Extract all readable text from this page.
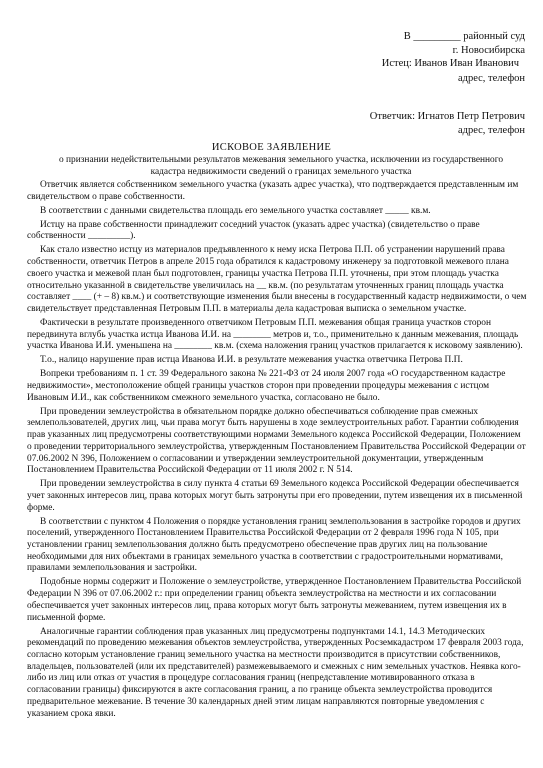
В _________ районный суд
г. Новосибирска
Истец: Иванов Иван Иванович
адрес, телефон
Ответчик: Игнатов Петр Петрович
адрес, телефон
ИСКОВОЕ ЗАЯВЛЕНИЕ
о признании недействительными результатов межевания земельного участка, исключении из государственного кадастра недвижимости сведений о границах земельного участка

Ответчик является собственником земельного участка (указать адрес участка), что подтверждается представленным им свидетельством о праве собственности.

В соответствии с данными свидетельства площадь его земельного участка составляет _____ кв.м.

Истцу на праве собственности принадлежит соседний участок (указать адрес участка) (свидетельство о праве собственности _________).

Как стало известно истцу из материалов предъявленного к нему иска Петрова П.П. об устранении нарушений права собственности, ответчик Петров в апреле 2015 года обратился к кадастровому инженеру за подготовкой межевого плана своего участка и межевой план был подготовлен, границы участка Петрова П.П. уточнены, при этом площадь участка относительно указанной в свидетельстве увеличилась на __ кв.м. (по результатам уточненных границ площадь участка составляет ____ (+ – 8) кв.м.) и соответствующие изменения были внесены в государственный кадастр недвижимости, о чем свидетельствует представленная Петровым П.П. в материалы дела кадастровая выписка о земельном участке.

Фактически в результате произведенного ответчиком Петровым П.П. межевания общая граница участков сторон передвинута вглубь участка истца Иванова И.И. на ________ метров и, т.о., применительно к данным межевания, площадь участка Иванова И.И. уменьшена на ________ кв.м. (схема наложения границ участков прилагается к исковому заявлению).

Т.о., налицо нарушение прав истца Иванова И.И. в результате межевания участка ответчика Петрова П.П.

Вопреки требованиям п. 1 ст. 39 Федерального закона № 221-ФЗ от 24 июля 2007 года «О государственном кадастре недвижимости», местоположение общей границы участков сторон при проведении процедуры межевания с истцом Ивановым И.И., как собственником смежного земельного участка, согласовано не было.

При проведении землеустройства в обязательном порядке должно обеспечиваться соблюдение прав смежных землепользователей, других лиц, чьи права могут быть нарушены в ходе землеустроительных работ. Гарантии соблюдения прав указанных лиц предусмотрены соответствующими нормами Земельного кодекса Российской Федерации, Положением о проведении территориального землеустройства, утвержденным Постановлением Правительства Российской Федерации от 07.06.2002 N 396, Положением о согласовании и утверждении землеустроительной документации, утвержденным Постановлением Правительства Российской Федерации от 11 июля 2002 г. N 514.

При проведении землеустройства в силу пункта 4 статьи 69 Земельного кодекса Российской Федерации обеспечивается учет законных интересов лиц, права которых могут быть затронуты при его проведении, путем извещения их в письменной форме.

В соответствии с пунктом 4 Положения о порядке установления границ землепользования в застройке городов и других поселений, утвержденного Постановлением Правительства Российской Федерации от 2 февраля 1996 года N 105, при установлении границ землепользования должно быть предусмотрено обеспечение прав других лиц на пользование необходимыми для них объектами в границах земельного участка в соответствии с градостроительными нормативами, правилами землепользования и застройки.

Подобные нормы содержит и Положение о землеустройстве, утвержденное Постановлением Правительства Российской Федерации N 396 от 07.06.2002 г.: при определении границ объекта землеустройства на местности и их согласовании обеспечивается учет законных интересов лиц, права которых могут быть затронуты межеванием, путем извещения их в письменной форме.

Аналогичные гарантии соблюдения прав указанных лиц предусмотрены подпунктами 14.1, 14.3 Методических рекомендаций по проведению межевания объектов землеустройства, утвержденных Росземкадастром 17 февраля 2003 года, согласно которым установление границ земельного участка на местности производится в присутствии собственников, владельцев, пользователей (или их представителей) размежевываемого и смежных с ним земельных участков. Неявка кого-либо из лиц или отказ от участия в процедуре согласования границ (непредставление мотивированного отказа в согласовании границы) фиксируются в акте согласования границ, а по границе объекта землеустройства проводится предварительное межевание. В течение 30 календарных дней этим лицам направляются повторные уведомления с указанием срока явки.
